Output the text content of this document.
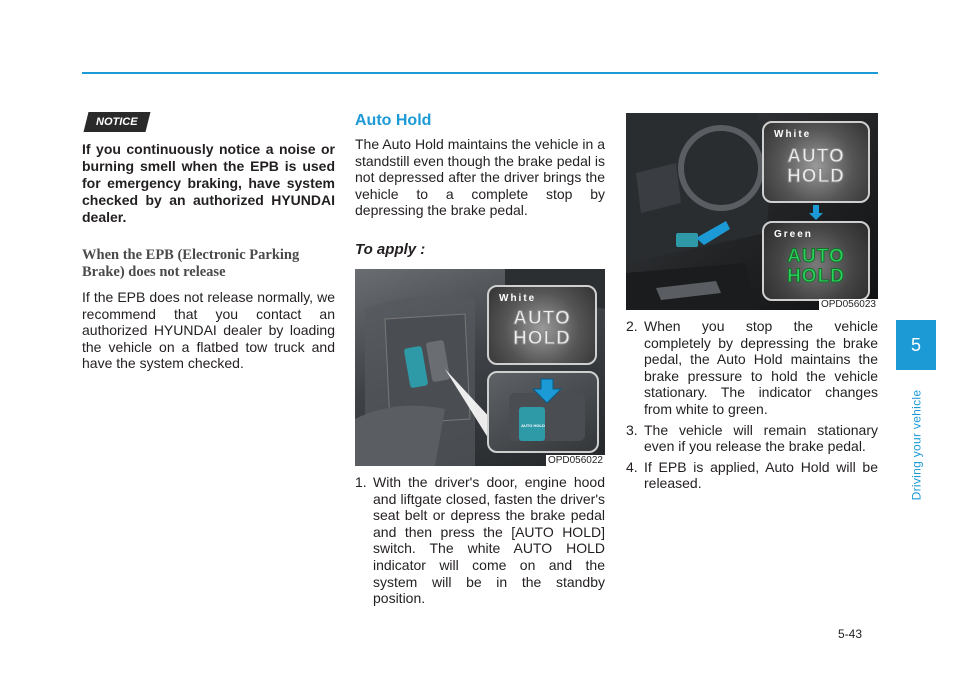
NOTICE

If you continuously notice a noise or burning smell when the EPB is used for emergency braking, have system checked by an authorized HYUNDAI dealer.

When the EPB (Electronic Parking Brake) does not release

If the EPB does not release normally, we recommend that you contact an authorized HYUNDAI dealer by loading the vehicle on a flatbed tow truck and have the system checked.

Auto Hold

The Auto Hold maintains the vehicle in a standstill even though the brake pedal is not depressed after the driver brings the vehicle to a complete stop by depressing the brake pedal.

To apply :
White
AUTO
HOLD
AUTO HOLD
OPD056022
1. With the driver's door, engine hood and liftgate closed, fasten the driver's seat belt or depress the brake pedal and then press the [AUTO HOLD] switch. The white AUTO HOLD indicator will come on and the system will be in the standby position.
White
AUTO
HOLD
Green
AUTO
HOLD
OPD056023
2. When you stop the vehicle completely by depressing the brake pedal, the Auto Hold maintains the brake pressure to hold the vehicle stationary. The indicator changes from white to green.
3. The vehicle will remain stationary even if you release the brake pedal.
4. If EPB is applied, Auto Hold will be released.
5
Driving your vehicle
5-43
